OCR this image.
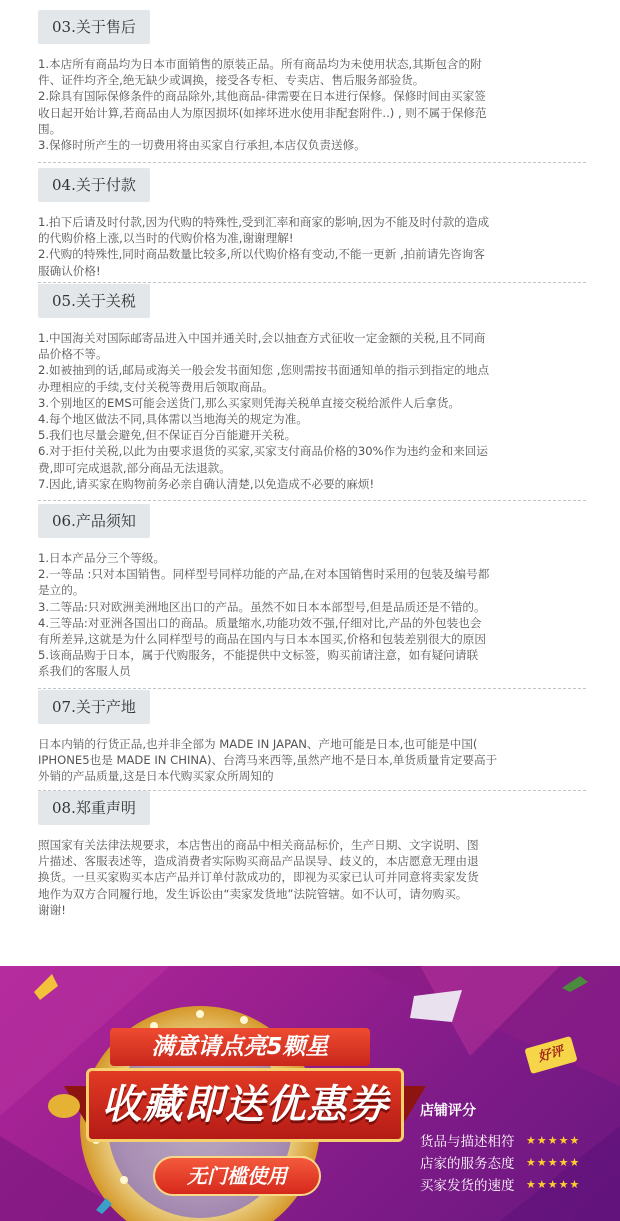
03.关于售后

1.本店所有商品均为日本市面销售的原装正品。所有商品均为未使用状态,其斯包含的附

件、证件均齐全,绝无缺少或调换，接受各专柜、专卖店、售后服务部验货。

2.除具有国际保修条件的商品除外,其他商品-律需要在日本进行保修。保修时间由买家签

收日起开始计算,若商品由人为原因损坏(如摔坏进水使用非配套附件..) , 则不属于保修范

围。

3.保修时所产生的一切费用将由买家自行承担,本店仅负责送修。

04.关于付款

1.拍下后请及时付款,因为代购的特殊性,受到汇率和商家的影响,因为不能及时付款的造成

的代购价格上涨,以当时的代购价格为准,谢谢理解!

2.代购的特殊性,同时商品数量比较多,所以代购价格有变动,不能一更新 ,拍前请先咨询客

服确认价格!

05.关于关税

1.中国海关对国际邮寄品进入中国并通关时,会以抽查方式征收一定金额的关税,且不同商

品价格不等。

2.如被抽到的话,邮局或海关一般会发书面知您 ,您则需按书面通知单的指示到指定的地点

办理相应的手续,支付关税等费用后领取商品。

3.个别地区的EMS可能会送货门,那么买家则凭海关税单直接交税给派件人后拿货。

4.每个地区做法不同,具体需以当地海关的规定为准。

5.我们也尽量会避免,但不保证百分百能避开关税。

6.对于拒付关税,以此为由要求退货的买家,买家支付商品价格的30%作为违约金和来回运

费,即可完成退款,部分商品无法退款。

7.因此,请买家在购物前务必亲自确认清楚,以免造成不必要的麻烦!

06.产品须知

1.日本产品分三个等级。

2.一等品 :只对本国销售。同样型号同样功能的产品,在对本国销售时采用的包装及编号都

是立的。

3.二等品:只对欧洲美洲地区出口的产品。虽然不如日本本部型号,但是品质还是不错的。

4.三等品:对亚洲各国出口的商品。质量缩水,功能功效不强,仔细对比,产品的外包装也会

有所差异,这就是为什么同样型号的商品在国内与日本本国买,价格和包装差别很大的原因

5.该商品购于日本，属于代购服务，不能提供中文标签，购买前请注意，如有疑问请联

系我们的客服人员

07.关于产地

日本内销的行货正品,也并非全部为 MADE IN JAPAN、产地可能是日本,也可能是中国(

IPHONE5也是 MADE IN CHINA)、台湾马来西等,虽然产地不是日本,单货质量肯定要高于

外销的产品质量,这是日本代购买家众所周知的

08.郑重声明

照国家有关法律法规要求，本店售出的商品中相关商品标价，生产日期、文字说明、图

片描述、客服表述等，造成消费者实际购买商品产品误导、歧义的，本店愿意无理由退

换货。一旦买家购买本店产品并订单付款成功的，即视为买家已认可并同意将卖家发货

地作为双方合同履行地，发生诉讼由“卖家发货地”法院管辖。如不认可，请勿购买。

谢谢!

满意请点亮5颗星
收藏即送优惠券
无门槛使用
好评
店铺评分
货品与描述相符	★★★★★
店家的服务态度	★★★★★
买家发货的速度	★★★★★
